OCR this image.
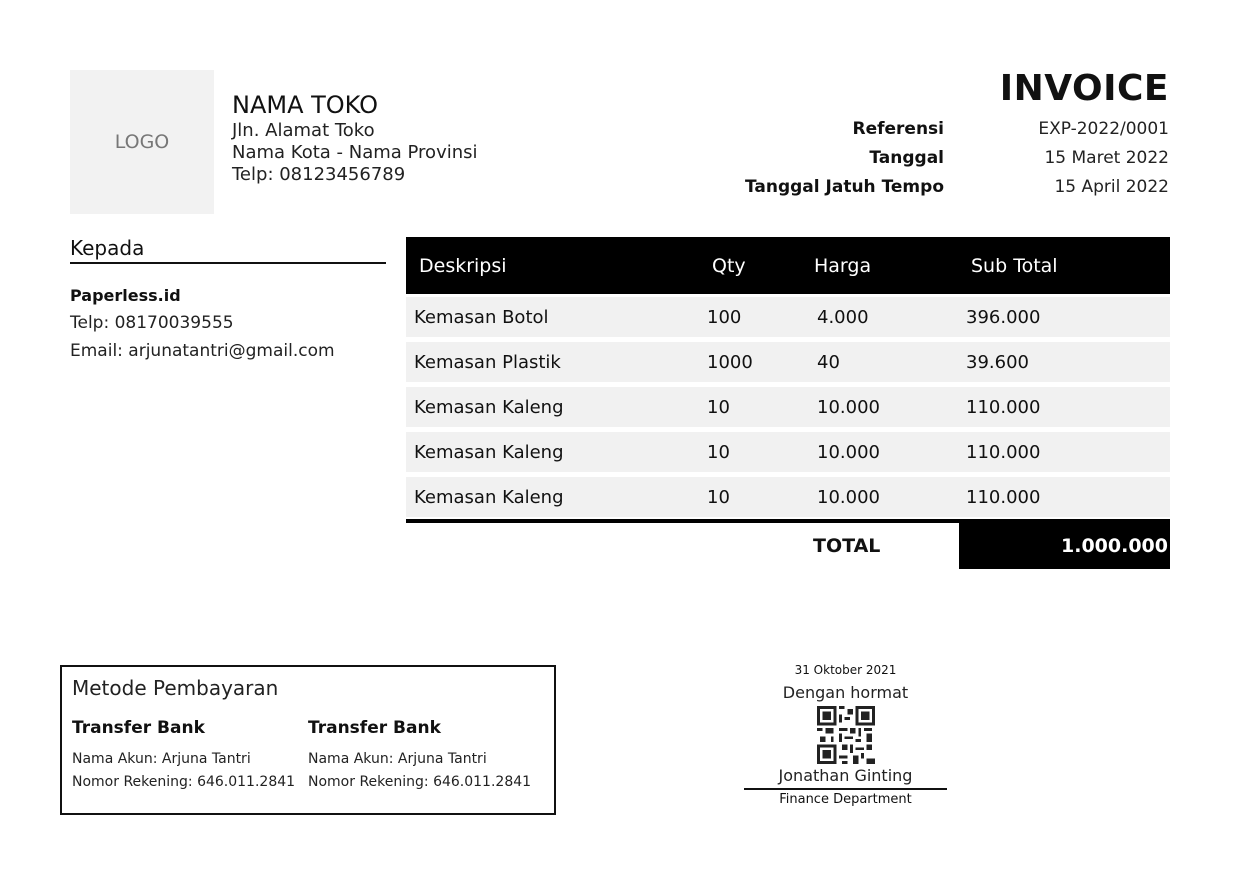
LOGO
NAMA TOKO
Jln. Alamat Toko
Nama Kota - Nama Provinsi
Telp: 08123456789
INVOICE
Referensi	EXP-2022/0001
Tanggal	15 Maret 2022
Tanggal Jatuh Tempo	15 April 2022
Kepada
Paperless.id
Telp: 08170039555
Email: arjunatantri@gmail.com
Deskripsi	Qty	Harga	Sub Total
Kemasan Botol	100	4.000	396.000
Kemasan Plastik	1000	40	39.600
Kemasan Kaleng	10	10.000	110.000
Kemasan Kaleng	10	10.000	110.000
Kemasan Kaleng	10	10.000	110.000
TOTAL	1.000.000
Metode Pembayaran
Transfer Bank
Nama Akun: Arjuna Tantri
Nomor Rekening: 646.011.2841
Transfer Bank
Nama Akun: Arjuna Tantri
Nomor Rekening: 646.011.2841
31 Oktober 2021
Dengan hormat
Jonathan Ginting
Finance Department
